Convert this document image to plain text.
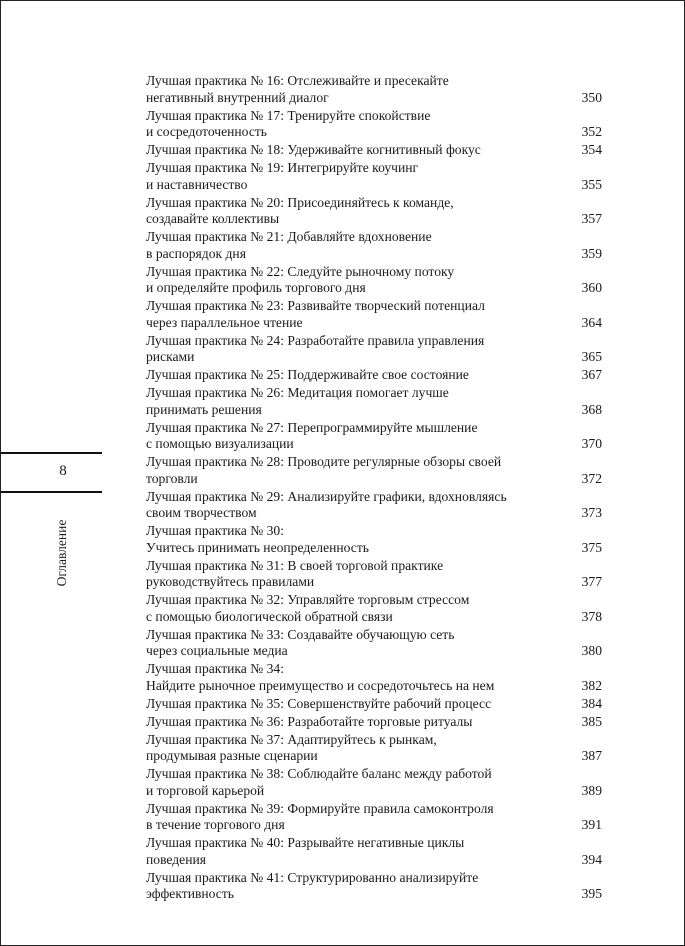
8
Оглавление
Лучшая практика № 16: Отслеживайте и пресекайте
негативный внутренний диалог	350
Лучшая практика № 17: Тренируйте спокойствие
и сосредоточенность	352
Лучшая практика № 18: Удерживайте когнитивный фокус	354
Лучшая практика № 19: Интегрируйте коучинг
и наставничество	355
Лучшая практика № 20: Присоединяйтесь к команде,
создавайте коллективы	357
Лучшая практика № 21: Добавляйте вдохновение
в распорядок дня	359
Лучшая практика № 22: Следуйте рыночному потоку
и определяйте профиль торгового дня	360
Лучшая практика № 23: Развивайте творческий потенциал
через параллельное чтение	364
Лучшая практика № 24: Разработайте правила управления
рисками	365
Лучшая практика № 25: Поддерживайте свое состояние	367
Лучшая практика № 26: Медитация помогает лучше
принимать решения	368
Лучшая практика № 27: Перепрограммируйте мышление
с помощью визуализации	370
Лучшая практика № 28: Проводите регулярные обзоры своей
торговли	372
Лучшая практика № 29: Анализируйте графики, вдохновляясь
своим творчеством	373
Лучшая практика № 30:
Учитесь принимать неопределенность	375
Лучшая практика № 31: В своей торговой практике
руководствуйтесь правилами	377
Лучшая практика № 32: Управляйте торговым стрессом
с помощью биологической обратной связи	378
Лучшая практика № 33: Создавайте обучающую сеть
через социальные медиа	380
Лучшая практика № 34:
Найдите рыночное преимущество и сосредоточьтесь на нем	382
Лучшая практика № 35: Совершенствуйте рабочий процесс	384
Лучшая практика № 36: Разработайте торговые ритуалы	385
Лучшая практика № 37: Адаптируйтесь к рынкам,
продумывая разные сценарии	387
Лучшая практика № 38: Соблюдайте баланс между работой
и торговой карьерой	389
Лучшая практика № 39: Формируйте правила самоконтроля
в течение торгового дня	391
Лучшая практика № 40: Разрывайте негативные циклы
поведения	394
Лучшая практика № 41: Структурированно анализируйте
эффективность	395
